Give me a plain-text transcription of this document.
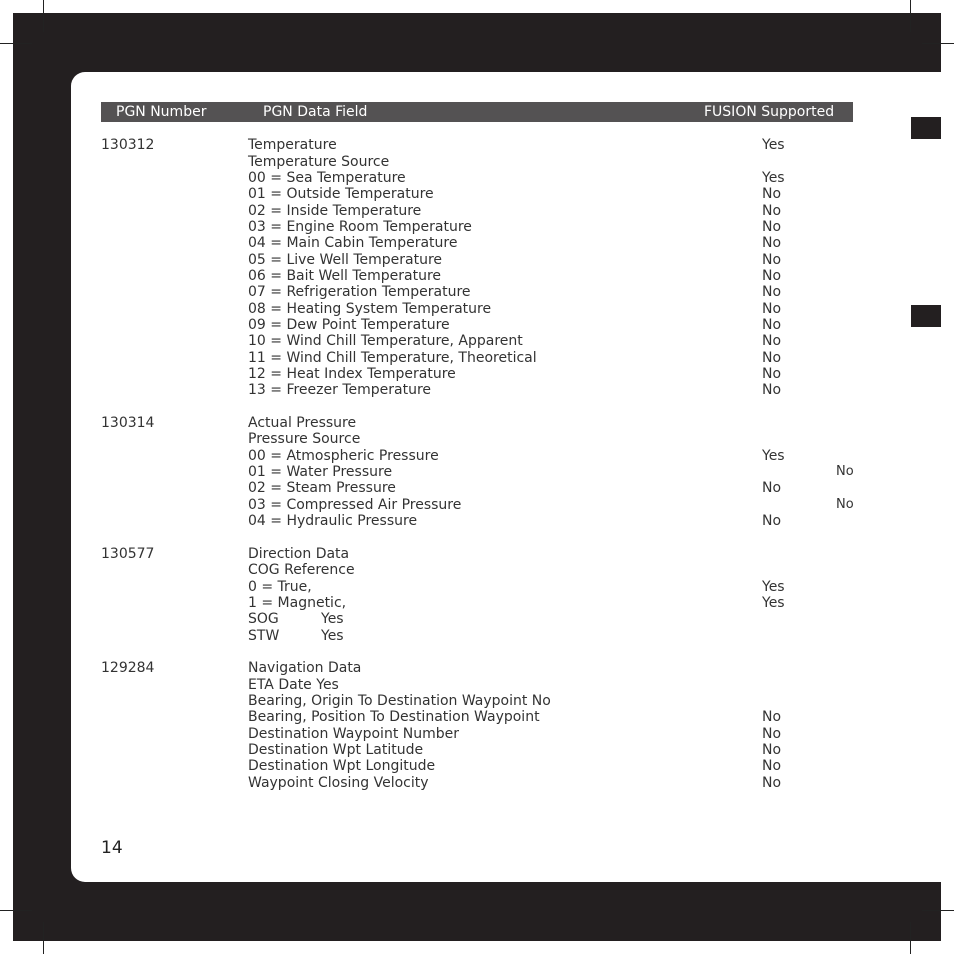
PGN Number	PGN Data Field	FUSION Supported
130312	Temperature	Yes
Temperature Source
00 = Sea Temperature	Yes
01 = Outside Temperature	No
02 = Inside Temperature	No
03 = Engine Room Temperature	No
04 = Main Cabin Temperature	No
05 = Live Well Temperature	No
06 = Bait Well Temperature	No
07 = Refrigeration Temperature	No
08 = Heating System Temperature	No
09 = Dew Point Temperature	No
10 = Wind Chill Temperature, Apparent	No
11 = Wind Chill Temperature, Theoretical	No
12 = Heat Index Temperature	No
13 = Freezer Temperature	No
130314	Actual Pressure
Pressure Source
00 = Atmospheric Pressure	Yes
01 = Water Pressure	No
02 = Steam Pressure	No
03 = Compressed Air Pressure	No
04 = Hydraulic Pressure	No
130577	Direction Data
COG Reference
0 = True,	Yes
1 = Magnetic,	Yes
SOG	Yes
STW	Yes
129284	Navigation Data
ETA Date Yes
Bearing, Origin To Destination Waypoint No
Bearing, Position To Destination Waypoint	No
Destination Waypoint Number	No
Destination Wpt Latitude	No
Destination Wpt Longitude	No
Waypoint Closing Velocity	No
14
